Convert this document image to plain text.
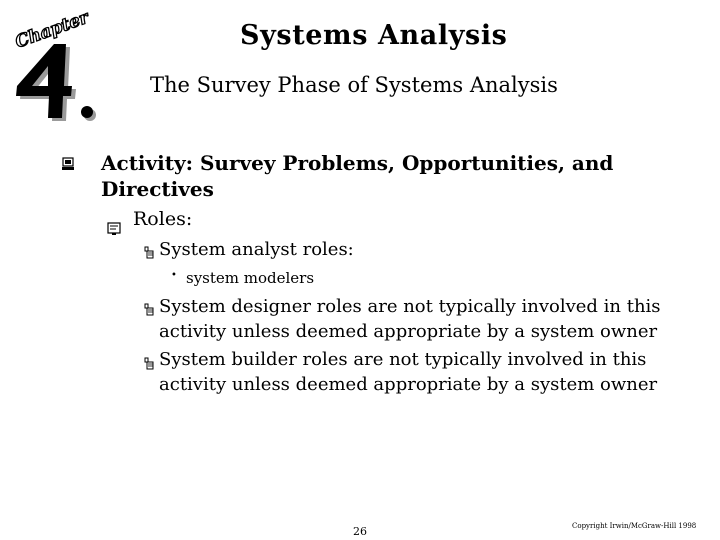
Chapter	Systems Analysis
The Survey Phase of Systems Analysis
Activity: Survey Problems, Opportunities, and Directives
Roles:
System analyst roles:
• system modelers
System designer roles are not typically involved in this activity unless deemed appropriate by a system owner
System builder roles are not typically involved in this activity unless deemed appropriate by a system owner
26	Copyright Irwin/McGraw-Hill 1998
